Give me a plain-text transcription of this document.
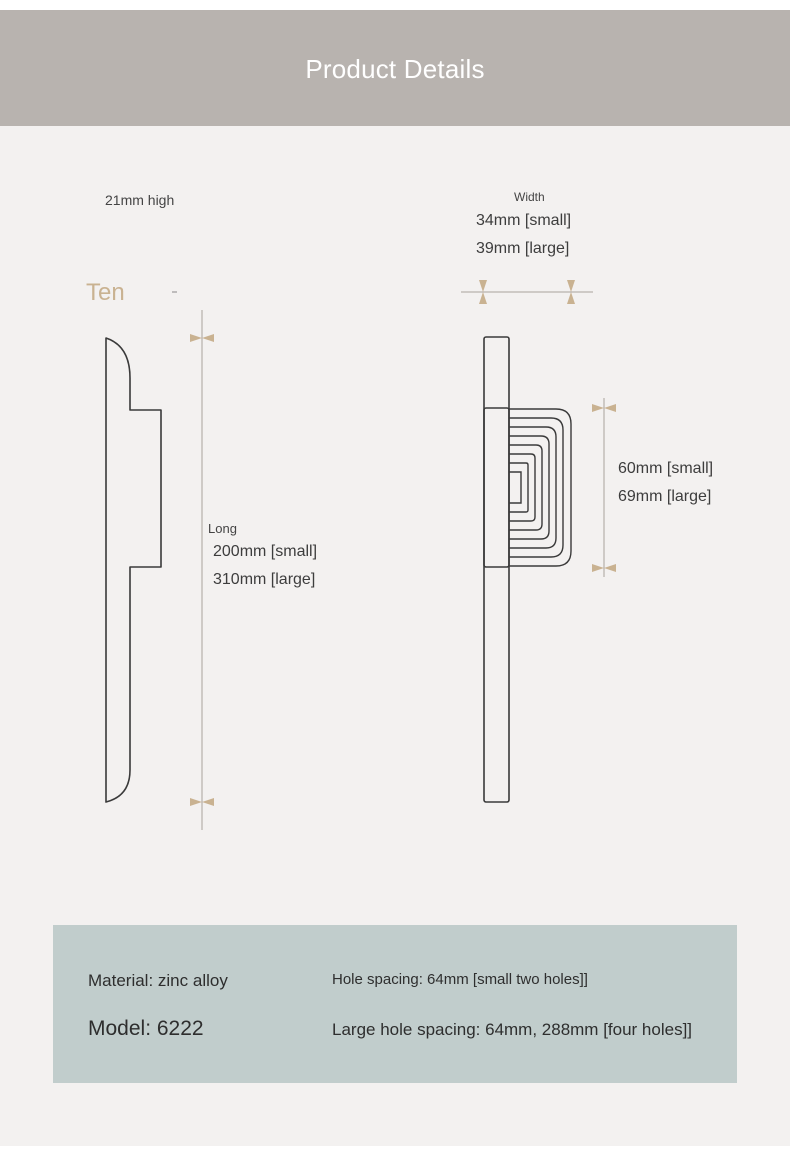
Product Details
21mm high
Ten
Long
200mm [small]
310mm [large]
Width
34mm [small]
39mm [large]
60mm [small]
69mm [large]
Material: zinc alloy
Model: 6222
Hole spacing: 64mm [small two holes]]
Large hole spacing: 64mm, 288mm [four holes]]
